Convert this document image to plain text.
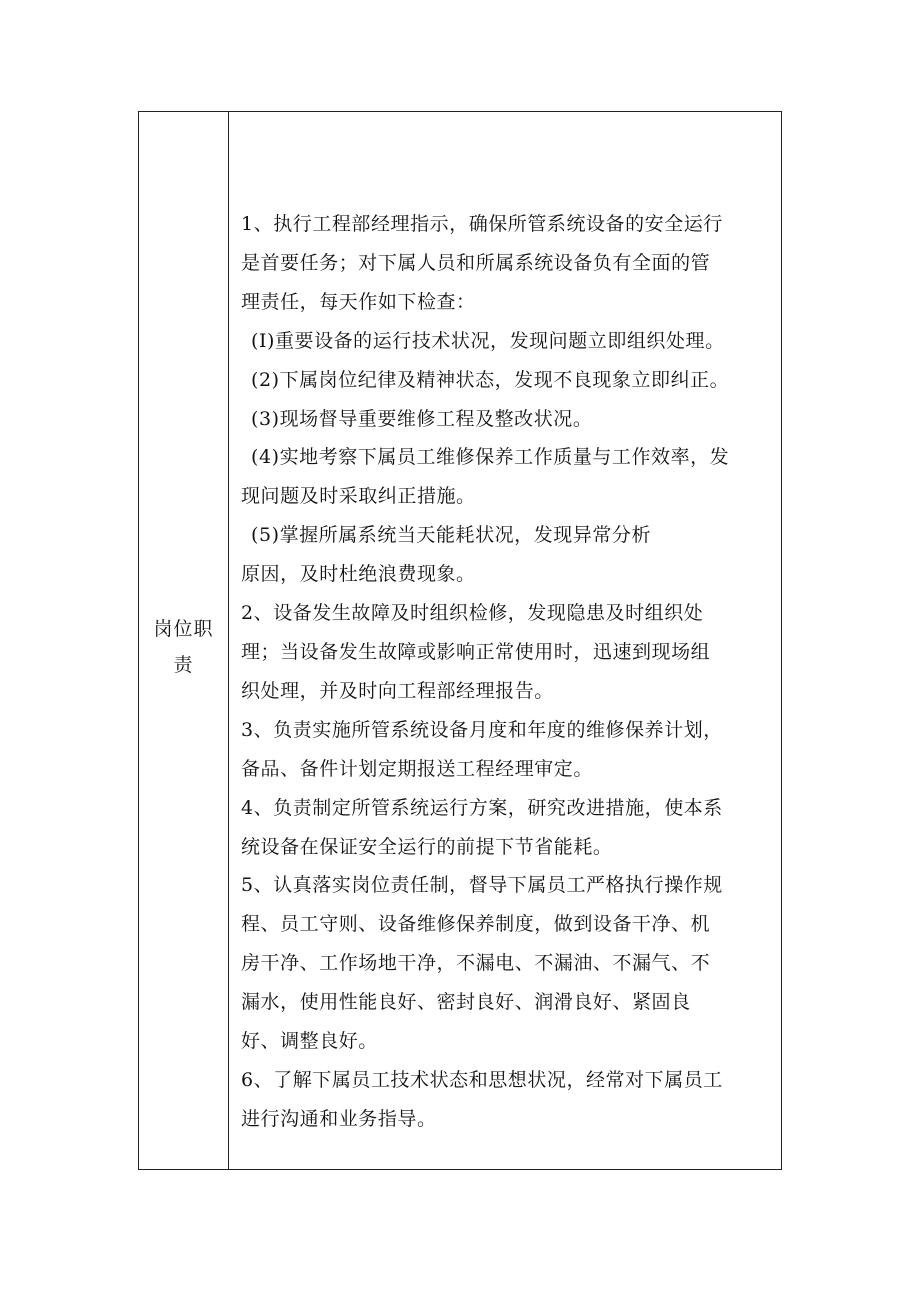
岗位职责
1、执行工程部经理指示，确保所管系统设备的安全运行
是首要任务；对下属人员和所属系统设备负有全面的管
理责任，每天作如下检查：
(I)重要设备的运行技术状况，发现问题立即组织处理。
(2)下属岗位纪律及精神状态，发现不良现象立即纠正。
(3)现场督导重要维修工程及整改状况。
(4)实地考察下属员工维修保养工作质量与工作效率，发
现问题及时采取纠正措施。
(5)掌握所属系统当天能耗状况，发现异常分析
原因，及时杜绝浪费现象。
2、设备发生故障及时组织检修，发现隐患及时组织处
理；当设备发生故障或影响正常使用时，迅速到现场组
织处理，并及时向工程部经理报告。
3、负责实施所管系统设备月度和年度的维修保养计划，
备品、备件计划定期报送工程经理审定。
4、负责制定所管系统运行方案，研究改进措施，使本系
统设备在保证安全运行的前提下节省能耗。
5、认真落实岗位责任制，督导下属员工严格执行操作规
程、员工守则、设备维修保养制度，做到设备干净、机
房干净、工作场地干净，不漏电、不漏油、不漏气、不
漏水，使用性能良好、密封良好、润滑良好、紧固良
好、调整良好。
6、了解下属员工技术状态和思想状况，经常对下属员工
进行沟通和业务指导。
